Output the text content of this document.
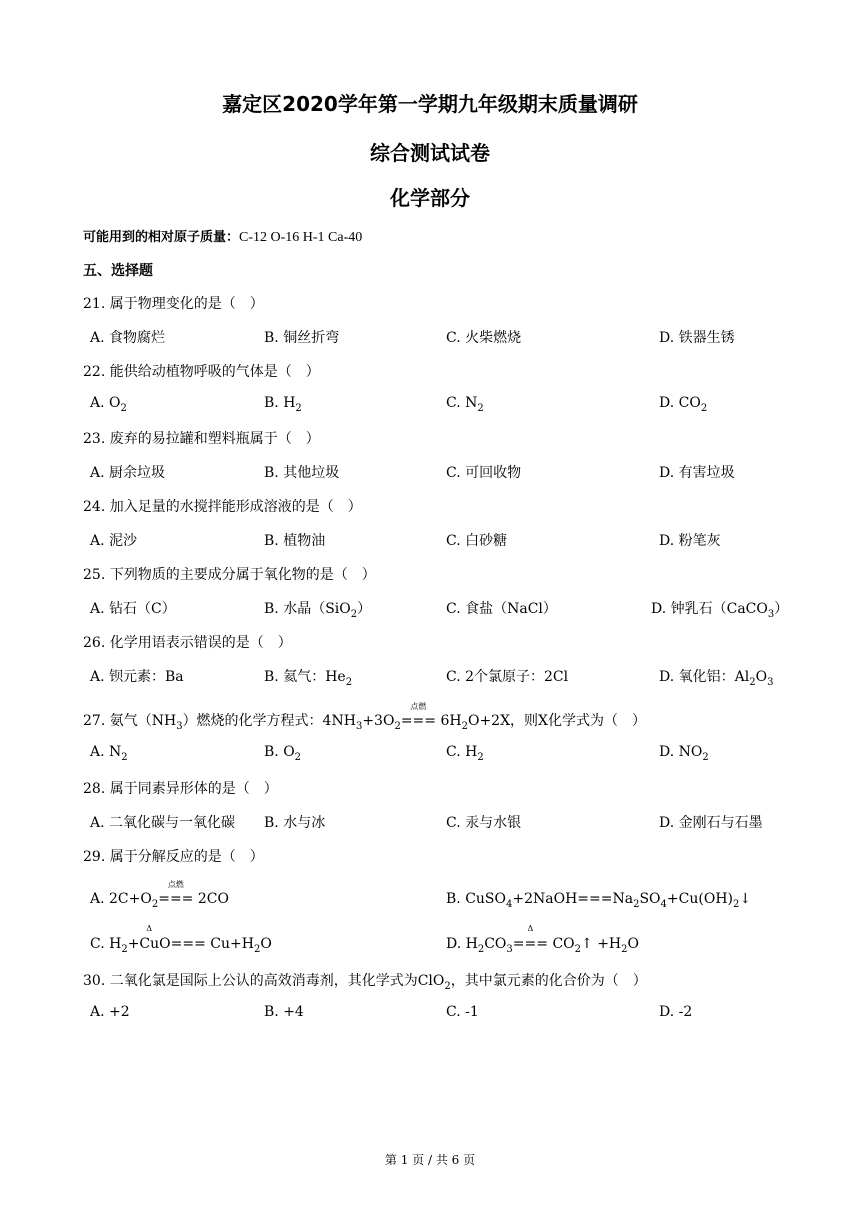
嘉定区2020学年第一学期九年级期末质量调研
综合测试试卷
化学部分
可能用到的相对原子质量：C-12 O-16 H-1 Ca-40
五、选择题
21. 属于物理变化的是（　）
A. 食物腐烂	B. 铜丝折弯	C. 火柴燃烧	D. 铁器生锈
22. 能供给动植物呼吸的气体是（　）
A. $O_2$	B. $H_2$	C. $N_2$	D. $CO_2$
23. 废弃的易拉罐和塑料瓶属于（　）
A. 厨余垃圾	B. 其他垃圾	C. 可回收物	D. 有害垃圾
24. 加入足量的水搅拌能形成溶液的是（　）
A. 泥沙	B. 植物油	C. 白砂糖	D. 粉笔灰
25. 下列物质的主要成分属于氧化物的是（　）
A. 钻石（C）	B. 水晶（SiO$_2$）	C. 食盐（NaCl）	D. 钟乳石（CaCO$_3$）
26. 化学用语表示错误的是（　）
A. 钡元素：Ba	B. 氦气：$He_2$	C. 2个氯原子：2Cl	D. 氧化铝：$Al_2O_3$
27. 氨气$(NH_3)$燃烧的化学方程式：$4NH_3+3O_2$
点燃
=== $6H_2O+2X$，则X化学式为（　）
A. $N_2$	B. $O_2$	C. $H_2$	D. $NO_2$
28. 属于同素异形体的是（　）
A. 二氧化碳与一氧化碳 B. 水与冰	C. 汞与水银	D. 金刚石与石墨
29. 属于分解反应的是（　）
A. $2C+O_2$
点燃
=== 2CO	B. $CuSO_4+2NaOH===Na_2SO_4+Cu(OH)_2↓$
C. $H_2$
Δ
$+CuO=== Cu+H_2O$	D. $H_2CO_3$
Δ
=== $CO_2↑ +H_2O$
30. 二氧化氯是国际上公认的高效消毒剂，其化学式为ClO$_2$，其中氯元素的化合价为（　）
A. +2	B. +4	C. -1	D. -2
第 1 页 / 共 6 页
